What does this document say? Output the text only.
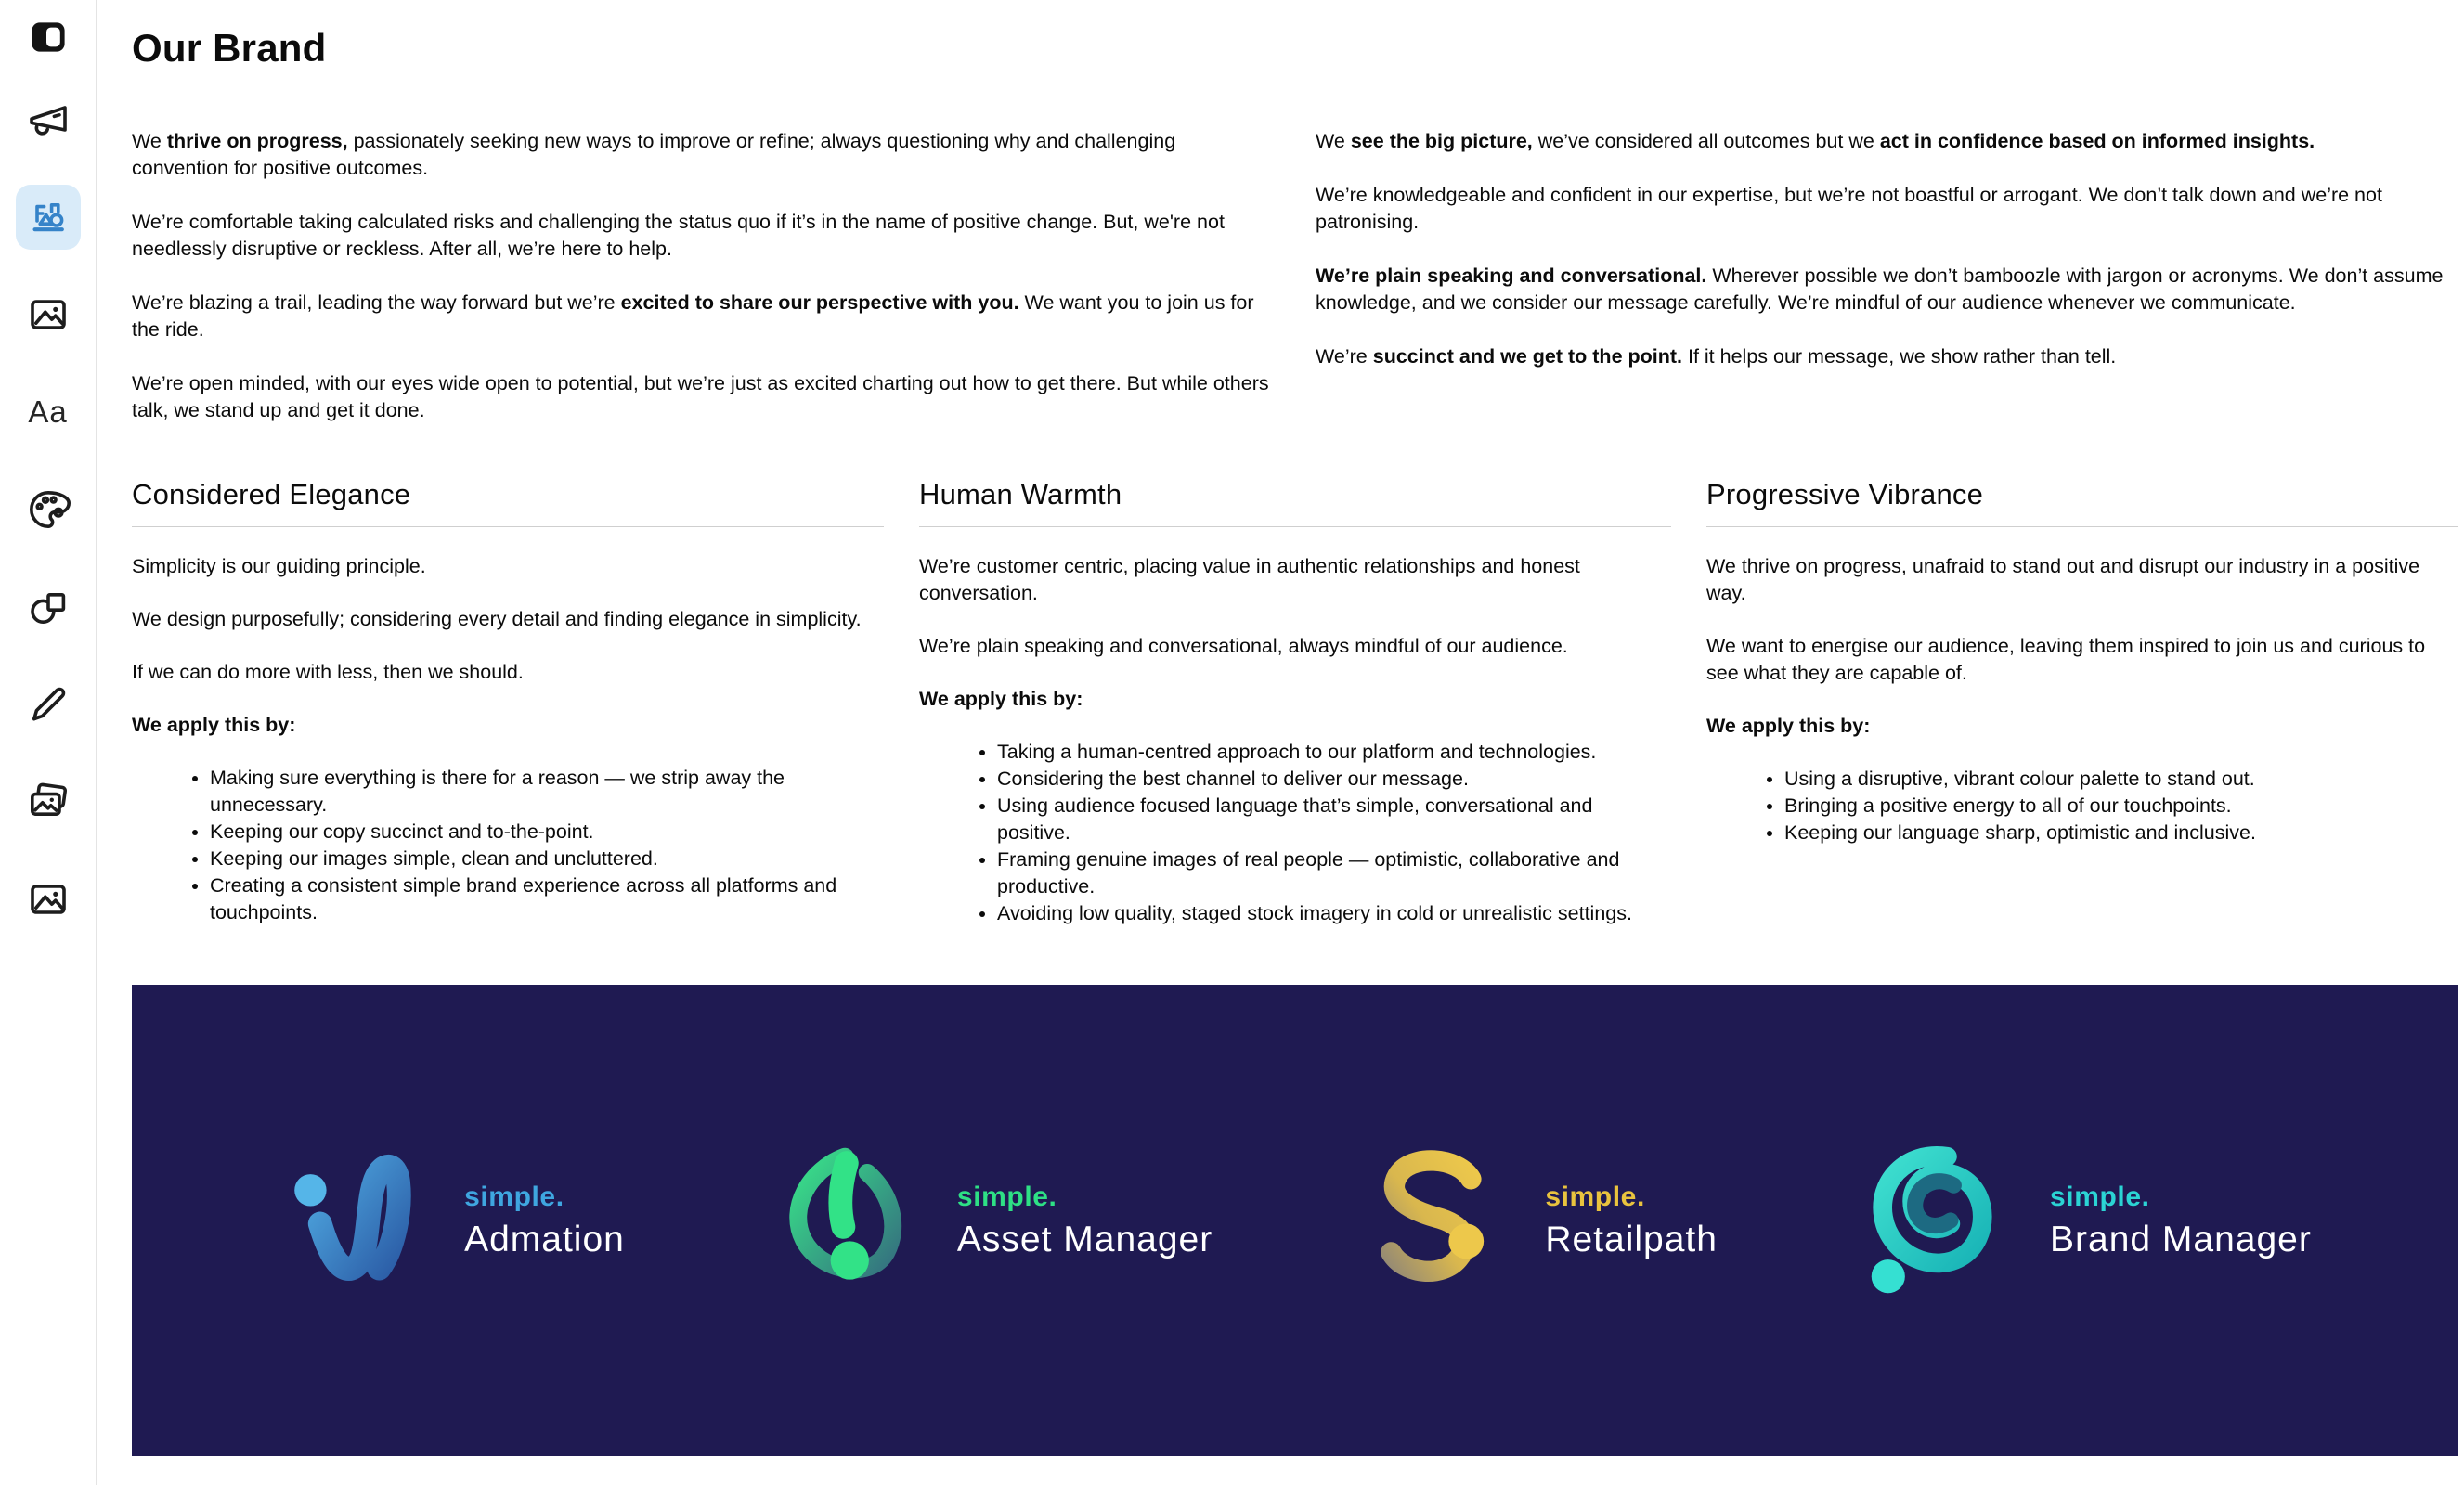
Aa
Our Brand

We thrive on progress, passionately seeking new ways to improve or refine; always questioning why and challenging convention for positive outcomes.

We’re comfortable taking calculated risks and challenging the status quo if it’s in the name of positive change. But, we're not needlessly disruptive or reckless. After all, we’re here to help.

We’re blazing a trail, leading the way forward but we’re excited to share our perspective with you. We want you to join us for the ride.

We’re open minded, with our eyes wide open to potential, but we’re just as excited charting out how to get there. But while others talk, we stand up and get it done.

We see the big picture, we’ve considered all outcomes but we act in confidence based on informed insights.

We’re knowledgeable and confident in our expertise, but we’re not boastful or arrogant. We don’t talk down and we’re not patronising.

We’re plain speaking and conversational. Wherever possible we don’t bamboozle with jargon or acronyms. We don’t assume knowledge, and we consider our message carefully. We’re mindful of our audience whenever we communicate.

We’re succinct and we get to the point. If it helps our message, we show rather than tell.

Considered Elegance

Simplicity is our guiding principle.

We design purposefully; considering every detail and finding elegance in simplicity.

If we can do more with less, then we should.

We apply this by:

• Making sure everything is there for a reason — we strip away the unnecessary.
• Keeping our copy succinct and to-the-point.
• Keeping our images simple, clean and uncluttered.
• Creating a consistent simple brand experience across all platforms and touchpoints.
Human Warmth

We’re customer centric, placing value in authentic relationships and honest conversation.

We’re plain speaking and conversational, always mindful of our audience.

We apply this by:

• Taking a human-centred approach to our platform and technologies.
• Considering the best channel to deliver our message.
• Using audience focused language that’s simple, conversational and positive.
• Framing genuine images of real people — optimistic, collaborative and productive.
• Avoiding low quality, staged stock imagery in cold or unrealistic settings.
Progressive Vibrance

We thrive on progress, unafraid to stand out and disrupt our industry in a positive way.

We want to energise our audience, leaving them inspired to join us and curious to see what they are capable of.

We apply this by:

• Using a disruptive, vibrant colour palette to stand out.
• Bringing a positive energy to all of our touchpoints.
• Keeping our language sharp, optimistic and inclusive.
simple.
Admation
simple.
Asset Manager
simple.
Retailpath
simple.
Brand Manager
